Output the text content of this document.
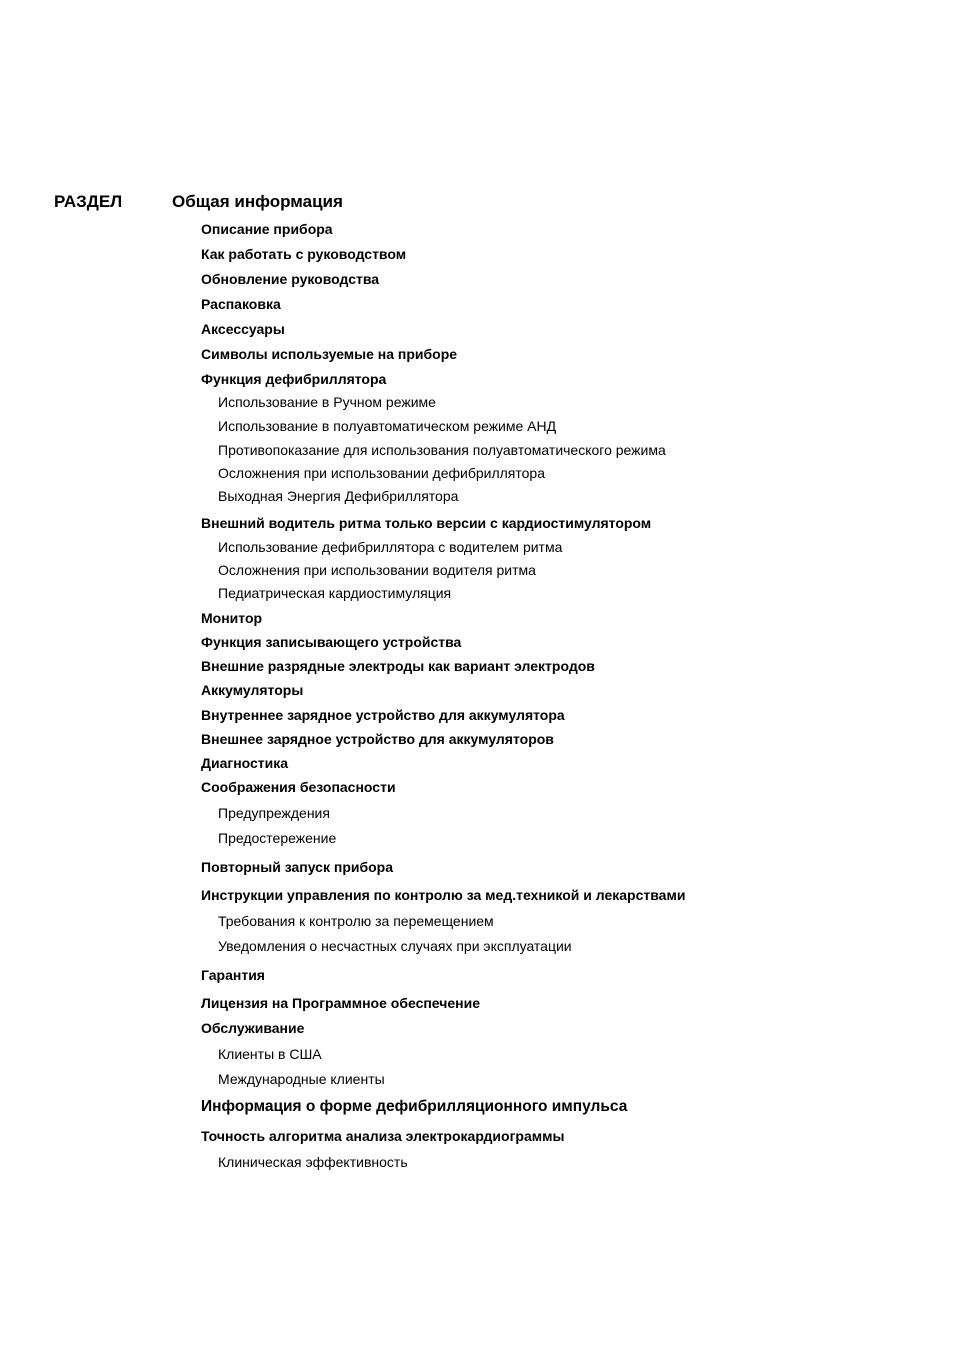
РАЗДЕЛ	Общая информация
Описание прибора
Как работать с руководством
Обновление руководства
Распаковка
Аксессуары
Символы используемые на приборе
Функция дефибриллятора
Использование в Ручном режиме
Использование в полуавтоматическом режиме АНД
Противопоказание для использования полуавтоматического режима
Осложнения при использовании дефибриллятора
Выходная Энергия Дефибриллятора
Внешний водитель ритма только версии с кардиостимулятором
Использование дефибриллятора с водителем ритма
Осложнения при использовании водителя ритма
Педиатрическая кардиостимуляция
Монитор
Функция записывающего устройства
Внешние разрядные электроды как вариант электродов
Аккумуляторы
Внутреннее зарядное устройство для аккумулятора
Внешнее зарядное устройство для аккумуляторов
Диагностика
Соображения безопасности
Предупреждения
Предостережение
Повторный запуск прибора
Инструкции управления по контролю за мед.техникой и лекарствами
Требования к контролю за перемещением
Уведомления о несчастных случаях при эксплуатации
Гарантия
Лицензия на Программное обеспечение
Обслуживание
Клиенты в США
Международные клиенты
Информация о форме дефибрилляционного импульса
Точность алгоритма анализа электрокардиограммы
Клиническая эффективность
